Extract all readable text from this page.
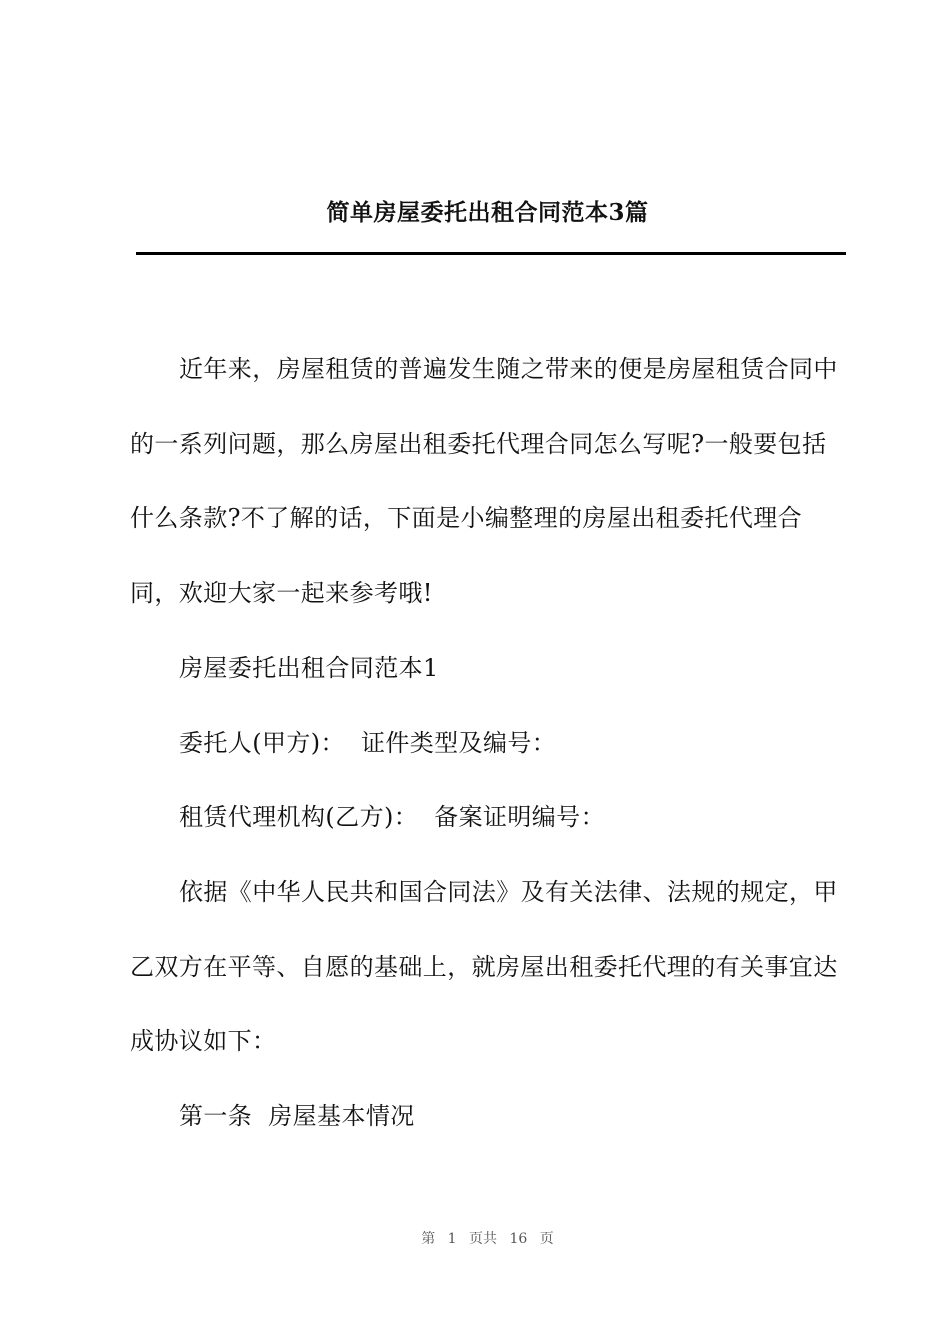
简单房屋委托出租合同范本3篇

近年来，房屋租赁的普遍发生随之带来的便是房屋租赁合同中的一系列问题，那么房屋出租委托代理合同怎么写呢?一般要包括什么条款?不了解的话，下面是小编整理的房屋出租委托代理合同，欢迎大家一起来参考哦!

房屋委托出租合同范本1

委托人(甲方)：  证件类型及编号：

租赁代理机构(乙方)：  备案证明编号：

依据《中华人民共和国合同法》及有关法律、法规的规定，甲乙双方在平等、自愿的基础上，就房屋出租委托代理的有关事宜达成协议如下：

第一条  房屋基本情况

第 1 页共 16 页
